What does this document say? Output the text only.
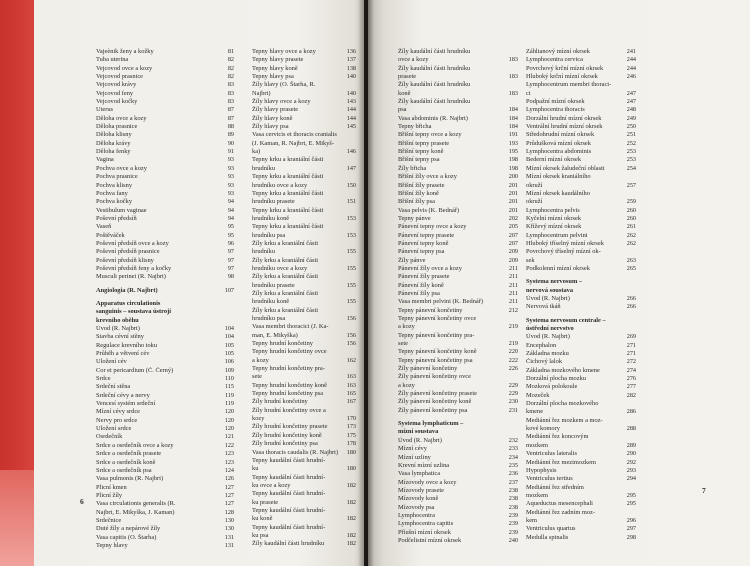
Vajeènik ženy a kožky	81
Tuba uterina	82
Vejcovod ovce a kozy	82
Vejcovod prasnice	82
Vejcovod krávy	83
Vejcovod feny	83
Vejcovod kočky	83
Uterus	87
Děloha ovce a kozy	87
Děloha prasnice	88
Děloha klisny	89
Děloha krávy	90
Děloha fenky	91
Vagina	93
Pochva ovce a kozy	93
Pochva prasnice	93
Pochva klisny	93
Pochva fany	93
Pochva kočky	94
Vestibulum vaginae	94
Poševní předsíň	94
Vaseň	95
Poštěváček	95
Poševní předsíň ovce a kozy	96
Poševní předsíň prasnice	97
Poševní předsíň klisny	97
Poševní předsíň feny a kočky	97
Musculi perinei (R. Najbrt)	98
Angiologia (R. Najbrt)	107
Apparatus circulationis
sanguinis – soustava ústrojí
krevního oběhu
Úvod (R. Najbrt)	104
Stavba cévní stěny	104
Regulace krevního toku	105
Průběh a větvení cév	105
Uložení cév	106
Cor et pericardium (Č. Černý)	109
Srdce	110
Srdeční stěna	115
Srdeční cévy a nervy	119
Vencesí systém srdeční	119
Mízní cévy srdce	120
Nervy pro srdce	120
Uložení srdce	120
Osrdečník	121
Srdce a osrdečník ovce a kozy	122
Srdce a osrdečník prasete	123
Srdce a osrdečník koně	123
Srdce a osrdečník psa	124
Vasa pulmonis (R. Najbrt)	126
Plicní kmen	127
Plicní žíly	127
Vasa circulationis generalis (R.	127
Najbrt, E. Mikyška, J. Kaman)	128
Srdečnice	130
Duté žíly a nepárové žíly	130
Vasa capitis (O. Štarha)	131
Tepny hlavy	131
Tepny hlavy ovce a kozy	136
Tepny hlavy prasete	137
Tepny hlavy koně	138
Tepny hlavy psa	140
Žíly hlavy (O. Štarha, R.
Najbrt)	140
Žíly hlavy ovce a kozy	143
Žíly hlavy prasete	144
Žíly hlavy koně	144
Žíly hlavy psa	145
Vasa cervicis et thoracis cranialis
(J. Kaman, R. Najbrt, E. Mikyš-
ka)	146
Tepny krku a kraniální části
hrudníku	147
Tepny krku a kraniální části
hrudníku ovce a kozy	150
Tepny krku a kraniální části
hrudníku prasete	151
Tepny krku a kraniální části
hrudníku koně	153
Tepny krku a kraniální části
hrudníku psa	153
Žíly krku a kraniální části
hrudníku	155
Žíly krku a kraniální části
hrudníku ovce a kozy	155
Žíly krku a kraniální části
hrudníku prasete	155
Žíly krku a kraniální části
hrudníku koně	155
Žíly krku a kraniální části
hrudníku psa	156
Vasa membri thoracici (J. Ka-
man, E. Mikyška)	156
Tepny hrudní končetiny	156
Tepny hrudní končetiny ovce
a kozy	162
Tepny hrudní končetiny pra-
sete	163
Tepny hrudní končetiny koně	163
Tepny hrudní končetiny psa	165
Žíly hrudní končetiny	167
Žíly hrudní končetiny ovce a
kozy	170
Žíly hrudní končetiny prasete	173
Žíly hrudní končetiny koně	175
Žíly hrudní končetiny psa	178
Vasa thoracis caudalis (R. Najbrt)	180
Tepny kaudální části hrudní-
ku	180
Tepny kaudální části hrudní-
ku ovce a kozy	182
Tepny kaudální části hrudní-
ku prasete	182
Tepny kaudální části hrudní-
ku koně	182
Tepny kaudální části hrudní-
ku psa	182
Žíly kaudální části hrudníku	182
6
Žíly kaudální části hrudníku
ovce a kozy	183
Žíly kaudální části hrudníku
prasete	183
Žíly kaudální části hrudníku
koně	183
Žíly kaudální části hrudníku
psa	184
Vasa abdominis (R. Najbrt)	184
Tepny břicha	184
Břišní tepny ovce a kozy	191
Břišní tepny prasete	193
Břišní tepny koně	195
Břišní tepny psa	198
Žíly břicha	198
Břišní žíly ovce a kozy	200
Břišní žíly prasete	201
Břišní žíly koně	201
Břišní žíly psa	201
Vasa pelvis (K. Bednář)	201
Tepny pánve	202
Pánevní tepny ovce a kozy	205
Pánevní tepny prasete	207
Pánevní tepny koně	207
Pánevní tepny psa	209
Žíly pánve	209
Pánevní žíly ovce a kozy	211
Pánevní žíly prasete	211
Pánevní žíly koně	211
Pánevní žíly psa	211
Vasa membri pelvini (K. Bednář)	211
Tepny pánevní končetiny	212
Tepny pánevní končetiny ovce
a kozy	219
Tepny pánevní končetiny pra-
sete	219
Tepny pánevní končetiny koně	220
Tepny pánevní končetiny psa	222
Žíly pánevní končetiny	226
Žíly pánevní končetiny ovce
a kozy	229
Žíly pánevní končetiny prasete	229
Žíly pánevní končetiny koně	230
Žíly pánevní končetiny psa	231
Systema lymphaticum –
mízní soustava
Úvod (R. Najbrt)	232
Mízní cévy	233
Mízní uzliny	234
Krevní mízní uzlina	235
Vasa lymphatica	236
Mízovody ovce a kozy	237
Mízovody prasete	238
Mízovody koně	238
Mízovody psa	238
Lymphocentra	239
Lymphocentra capitis	239
Příušní mízní okrsek	239
Podčelistní mízní okrsek	240
Záhltanový mízní okrsek	241
Lymphocentra cervica	244
Povrchový krční mízní okrsek	244
Hluboký krční mízní okrsek	246
Lymphocentrum membri thoraci-
ci	247
Podpažní mízní okrsek	247
Lymphocentra thoracis	248
Dorzální hrudní mízní okrsek	249
Ventrální hrudní mízní okrsek	250
Středohrudní mízní okrsek	251
Průdušková mízní okrsek	252
Lymphocentra abdominis	253
Bederní mízní okrsek	253
Mízní okrsek žaludeční oblasti	254
Mízní okrsek kraniálního
okruží	257
Mízní okrsek kaudálního
okruží	259
Lymphocentra pelvis	260
Kyčelní mízní okrsek	260
Kříževý mízní okrsek	261
Lymphocentrum pelvini	262
Hluboký tříselný mízní okrsek	262
Povrchový tříselný mízní ok-
sek	263
Podkolenní mízní okrsek	265
Systema nervosum –
nervová soustava
Úvod (R. Najbrt)	266
Nervová tkáň	266
Systema nervosum centrale –
ústřední nervstvo
Úvod (R. Najbrt)	269
Encephalon	271
Základna mozku	271
Čichový lalok	272
Základna mozkového kmene	274
Dorzální plocha mozku	276
Mozková polokoule	277
Mozeček	282
Dorzální plocha mozkového
kmene	286
Mediánní řez mozkem a moz-
kové komory	288
Mediánní řez koncovým
mozkem	289
Ventriculus lateralis	290
Mediánní řez mezimozkem	292
Hypophysis	293
Ventriculus tertius	294
Mediánní řez středním
mozkem	295
Aqueductus mesencephali	295
Mediánní řez zadním moz-
kem	296
Ventriculus quartus	297
Medulla spinalis	298
7
